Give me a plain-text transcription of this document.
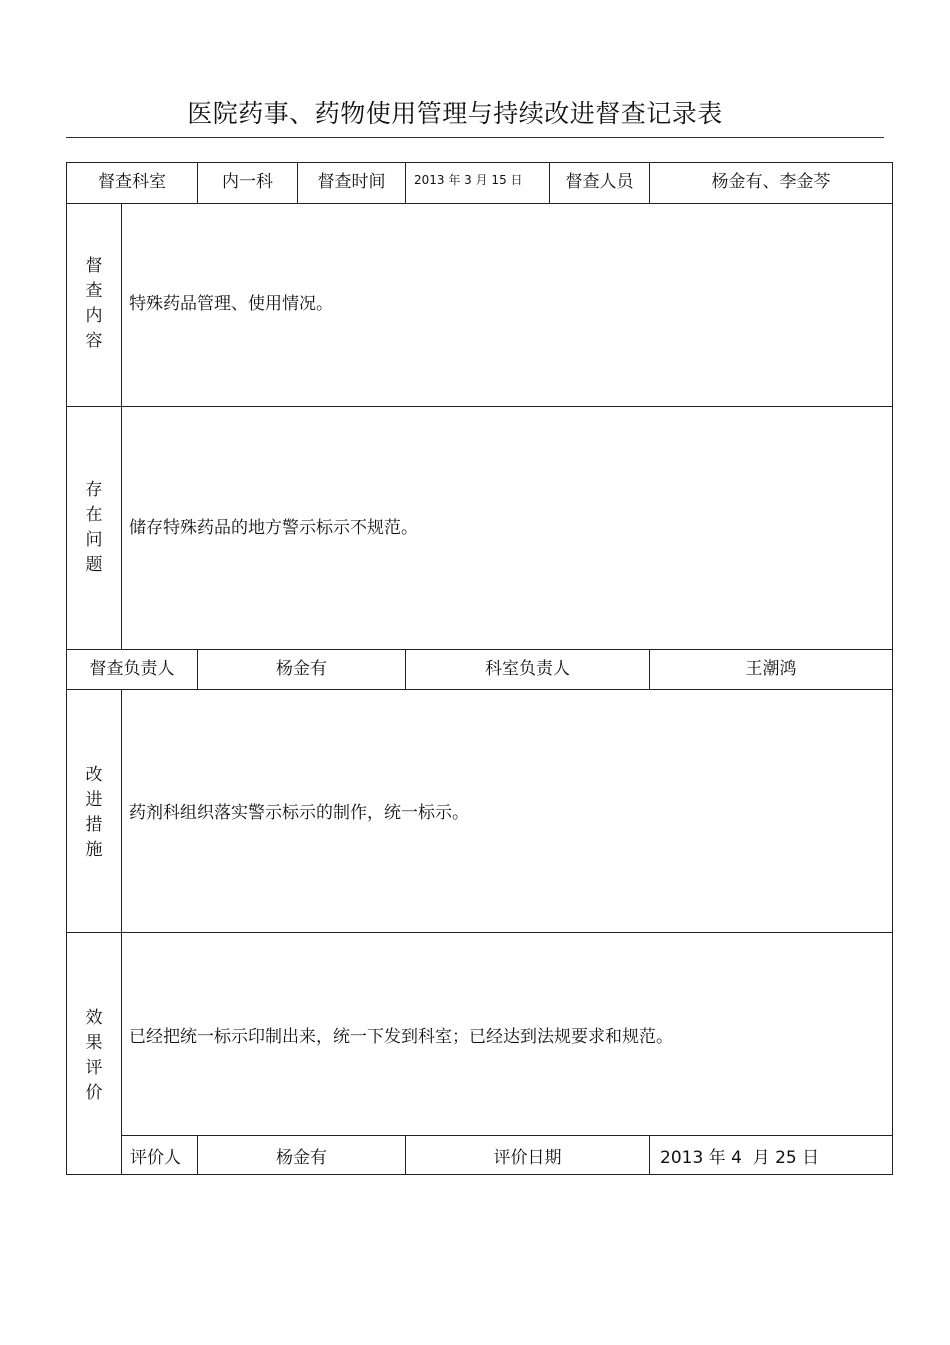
医院药事、药物使用管理与持续改进督查记录表
督查科室	内一科	督查时间	2013 年 3 月 15 日	督查人员	杨金有、李金芩
督
查
内
容
特殊药品管理、使用情况。
存
在
问
题
储存特殊药品的地方警示标示不规范。
督查负责人	杨金有	科室负责人	王潮鸿
改
进
措
施
药剂科组织落实警示标示的制作，统一标示。
效
果
评
价
已经把统一标示印制出来，统一下发到科室；已经达到法规要求和规范。
评价人	杨金有	评价日期	2013 年 4  月 25 日
